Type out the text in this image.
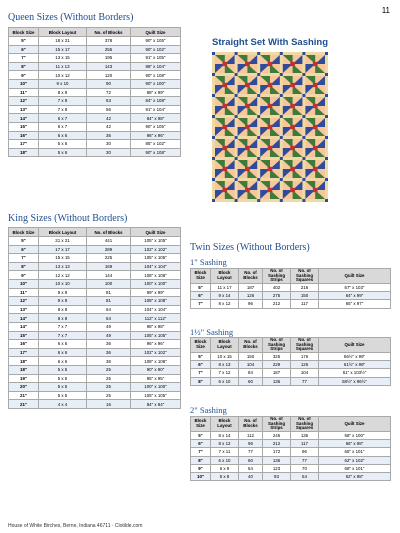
11
Queen Sizes (Without Borders)
Block Size	Block Layout	No. of Blocks	Quilt Size
5"	18 x 21	378	90" x 105"
6"	15 x 17	255	90" x 102"
7"	13 x 15	195	91" x 105"
8"	11 x 13	143	88" x 104"
9"	10 x 12	120	90" x 108"
10"	9 x 10	90	90" x 100"
11"	8 x 9	72	88" x 99"
12"	7 x 9	63	84" x 108"
13"	7 x 8	56	91" x 104"
14"	6 x 7	42	84" x 98"
15"	6 x 7	42	90" x 105"
16"	6 x 6	36	96" x 96"
17"	5 x 6	30	85" x 102"
18"	5 x 6	30	90" x 108"
King Sizes (Without Borders)
Block Size	Block Layout	No. of Blocks	Quilt Size
5"	21 x 21	441	105" x 105"
6"	17 x 17	289	102" x 102"
7"	15 x 15	225	105" x 105"
8"	13 x 13	169	104" x 104"
9"	12 x 12	144	108" x 108"
10"	10 x 10	100	100" x 100"
11"	9 x 9	81	99" x 99"
12"	9 x 9	81	108" x 108"
13"	8 x 8	64	104" x 104"
14"	8 x 8	64	112" x 112"
14"	7 x 7	49	98" x 98"
15"	7 x 7	49	105" x 105"
16"	6 x 6	36	96" x 96"
17"	6 x 6	36	102" x 102"
18"	6 x 6	36	108" x 108"
18"	5 x 5	25	90" x 90"
19"	5 x 5	25	95" x 95"
20"	5 x 5	25	100" x 100"
21"	5 x 5	25	105" x 105"
21"	4 x 4	16	84" x 84"
Straight Set With Sashing
Twin Sizes (Without Borders)
1" Sashing
Block Size	Block Layout	No. of Blocks	No. of Sashing Strips	No. of Sashing Squares	Quilt Size
5"	11 x 17	187	402	216	67" x 103"
6"	9 x 14	126	275	150	64" x 99"
7"	8 x 12	96	212	117	65" x 97"
1½" Sashing
Block Size	Block Layout	No. of Blocks	No. of Sashing Strips	No. of Sashing Squares	Quilt Size
5"	10 x 15	150	325	176	66½" x 99"
6"	8 x 13	104	229	126	61½" x 99"
7"	7 x 12	84	187	104	61" x 103½"
8"	6 x 10	60	136	77	58½" x 96½"
2" Sashing
Block Size	Block Layout	No. of Blocks	No. of Sashing Strips	No. of Sashing Squares	Quilt Size
5"	8 x 14	112	246	135	58" x 100"
6"	8 x 12	96	212	117	66" x 98"
7"	7 x 11	77	172	96	65" x 101"
8"	6 x 10	60	136	77	62" x 102"
9"	6 x 9	54	123	70	68" x 101"
10"	5 x 8	40	93	54	62" x 98"
House of White Birches, Berne, Indiana 46711 · Clotilde.com
